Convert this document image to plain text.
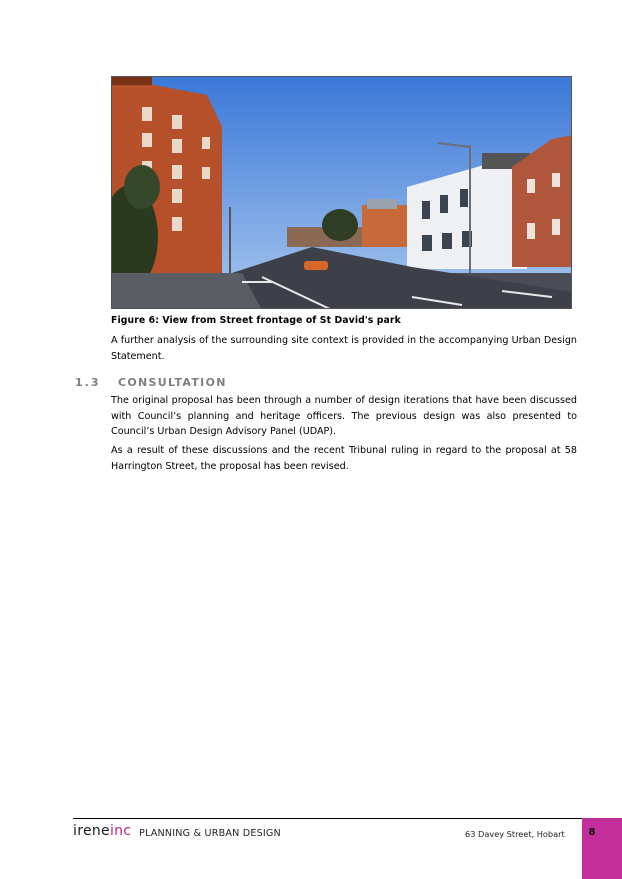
Figure 6: View from Street frontage of St David's park
A further analysis of the surrounding site context is provided in the accompanying Urban Design Statement.
1.3 CONSULTATION
The original proposal has been through a number of design iterations that have been discussed with Council’s planning and heritage officers. The previous design was also presented to Council’s Urban Design Advisory Panel (UDAP).
As a result of these discussions and the recent Tribunal ruling in regard to the proposal at 58 Harrington Street, the proposal has been revised.
ireneinc PLANNING & URBAN DESIGN	63 Davey Street, Hobart	8
